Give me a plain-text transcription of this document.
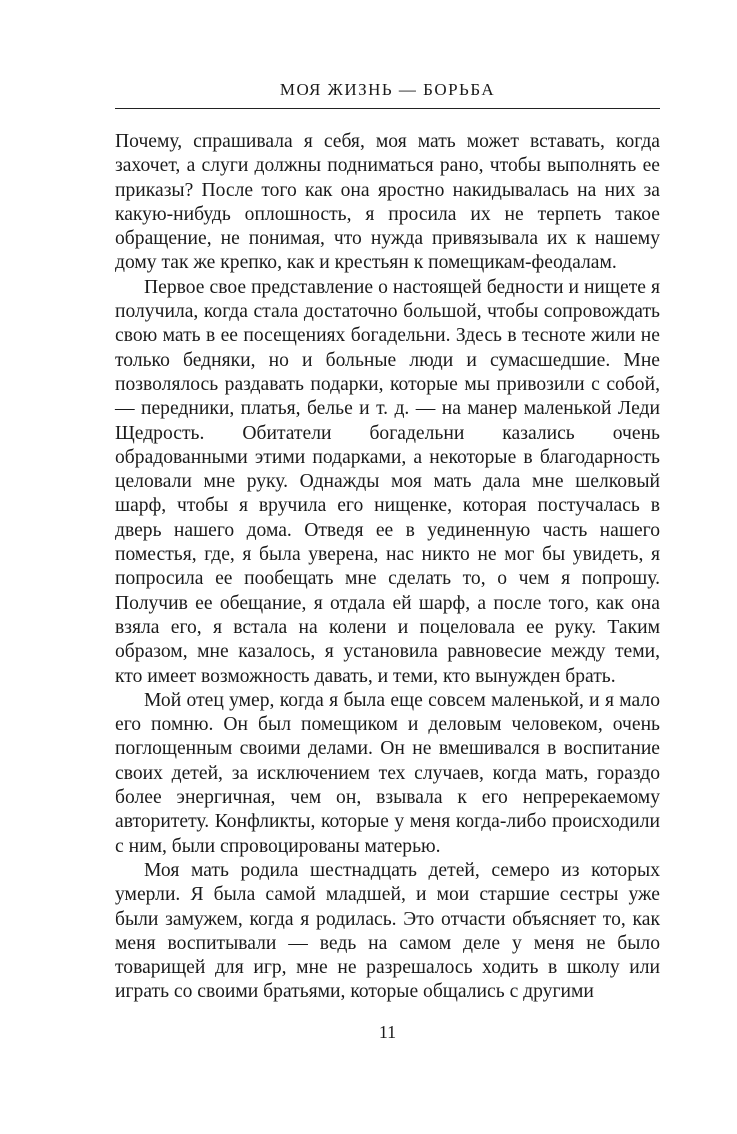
МОЯ ЖИЗНЬ — БОРЬБА

Почему, спрашивала я себя, моя мать может вставать, когда захочет, а слуги должны подниматься рано, чтобы выполнять ее приказы? После того как она яростно накидывалась на них за какую-нибудь оплошность, я просила их не терпеть такое обращение, не понимая, что нужда привязывала их к нашему дому так же крепко, как и крестьян к помещикам-феодалам.

Первое свое представление о настоящей бедности и нищете я получила, когда стала достаточно большой, чтобы сопровождать свою мать в ее посещениях богадельни. Здесь в тесноте жили не только бедняки, но и больные люди и сумасшедшие. Мне позволялось раздавать подарки, которые мы привозили с собой, — передники, платья, белье и т. д. — на манер маленькой Леди Щедрость. Обитатели богадельни казались очень обрадованными этими подарками, а некоторые в благодарность целовали мне руку. Однажды моя мать дала мне шелковый шарф, чтобы я вручила его нищенке, которая постучалась в дверь нашего дома. Отведя ее в уединенную часть нашего поместья, где, я была уверена, нас никто не мог бы увидеть, я попросила ее пообещать мне сделать то, о чем я попрошу. Получив ее обещание, я отдала ей шарф, а после того, как она взяла его, я встала на колени и поцеловала ее руку. Таким образом, мне казалось, я установила равновесие между теми, кто имеет возможность давать, и теми, кто вынужден брать.

Мой отец умер, когда я была еще совсем маленькой, и я мало его помню. Он был помещиком и деловым человеком, очень поглощенным своими делами. Он не вмешивался в воспитание своих детей, за исключением тех случаев, когда мать, гораздо более энергичная, чем он, взывала к его непререкаемому авторитету. Конфликты, которые у меня когда-либо происходили с ним, были спровоцированы матерью.

Моя мать родила шестнадцать детей, семеро из которых умерли. Я была самой младшей, и мои старшие сестры уже были замужем, когда я родилась. Это отчасти объясняет то, как меня воспитывали — ведь на самом деле у меня не было товарищей для игр, мне не разрешалось ходить в школу или играть со своими братьями, которые общались с другими

11
